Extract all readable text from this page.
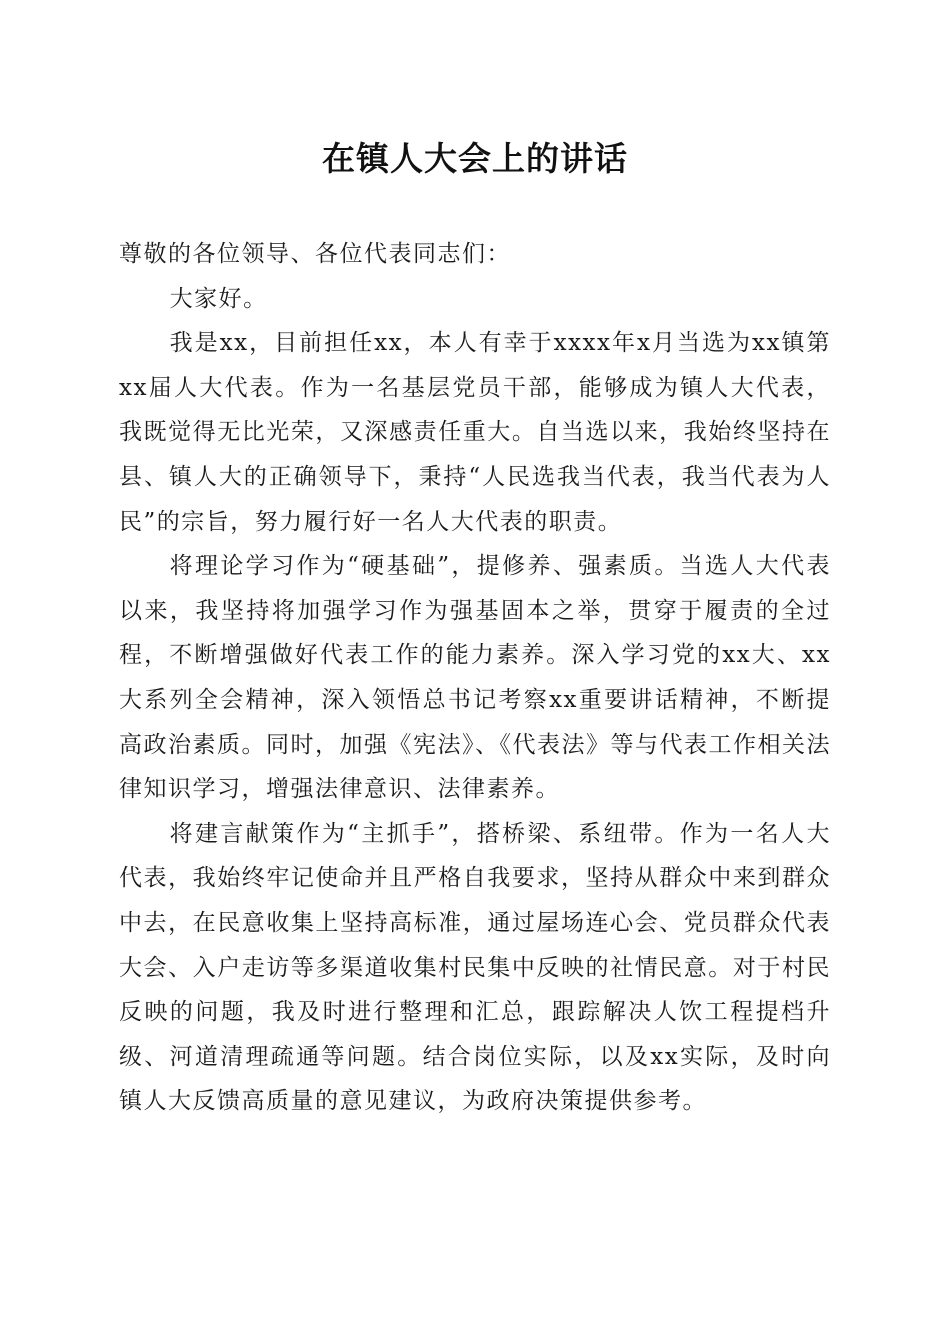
在镇人大会上的讲话

尊敬的各位领导、各位代表同志们：

大家好。

我是xx，目前担任xx，本人有幸于xxxx年x月当选为xx镇第xx届人大代表。作为一名基层党员干部，能够成为镇人大代表，我既觉得无比光荣，又深感责任重大。自当选以来，我始终坚持在县、镇人大的正确领导下，秉持“人民选我当代表，我当代表为人民”的宗旨，努力履行好一名人大代表的职责。

将理论学习作为“硬基础”，提修养、强素质。当选人大代表以来，我坚持将加强学习作为强基固本之举，贯穿于履责的全过程，不断增强做好代表工作的能力素养。深入学习党的xx大、xx大系列全会精神，深入领悟总书记考察xx重要讲话精神，不断提高政治素质。同时，加强《宪法》、《代表法》等与代表工作相关法律知识学习，增强法律意识、法律素养。

将建言献策作为“主抓手”，搭桥梁、系纽带。作为一名人大代表，我始终牢记使命并且严格自我要求，坚持从群众中来到群众中去，在民意收集上坚持高标准，通过屋场连心会、党员群众代表大会、入户走访等多渠道收集村民集中反映的社情民意。对于村民反映的问题，我及时进行整理和汇总，跟踪解决人饮工程提档升级、河道清理疏通等问题。结合岗位实际，以及xx实际，及时向镇人大反馈高质量的意见建议，为政府决策提供参考。
